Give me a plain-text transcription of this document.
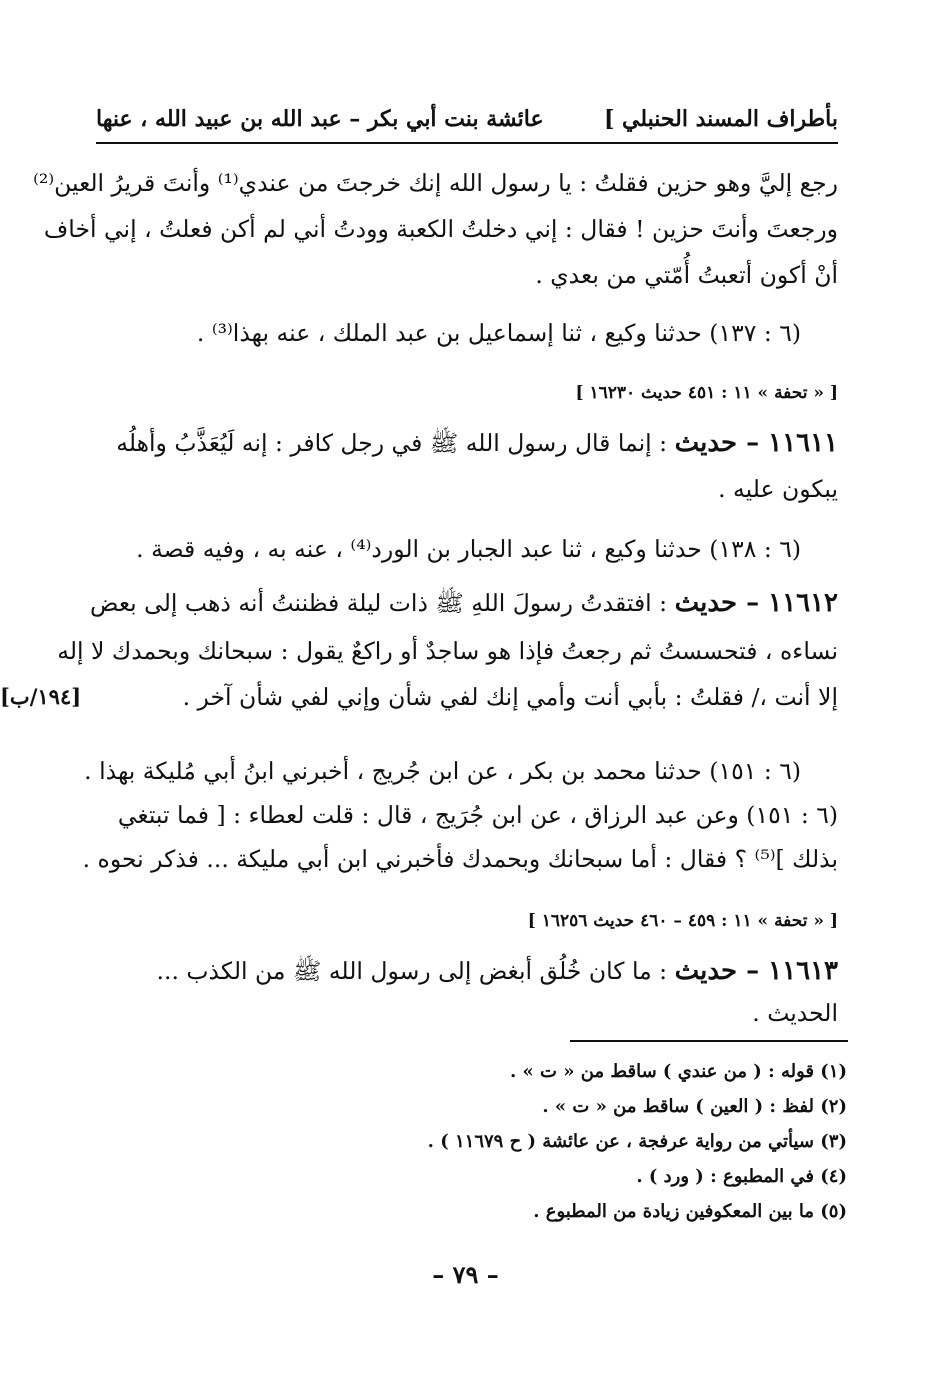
بأطراف المسند الحنبلي ]
عائشة بنت أبي بكر – عبد الله بن عبيد الله ، عنها
رجع إليَّ وهو حزين فقلتُ : يا رسول الله إنك خرجتَ من عندي⁽¹⁾ وأنتَ قريرُ العين⁽²⁾
ورجعتَ وأنتَ حزين ! فقال : إني دخلتُ الكعبة وودتُ أني لم أكن فعلتُ ، إني أخاف
أنْ أكون أتعبتُ أُمّتي من بعدي .
(٦ : ١٣٧) حدثنا وكيع ، ثنا إسماعيل بن عبد الملك ، عنه بهذا⁽³⁾ .
[ « تحفة » ١١ : ٤٥١ حديث ١٦٢٣٠ ]
١١٦١١ – حديث : إنما قال رسول الله ﷺ في رجل كافر : إنه لَيُعَذَّبُ وأهلُه
يبكون عليه .
(٦ : ١٣٨) حدثنا وكيع ، ثنا عبد الجبار بن الورد⁽⁴⁾ ، عنه به ، وفيه قصة .
١١٦١٢ – حديث : افتقدتُ رسولَ اللهِ ﷺ ذات ليلة فظننتُ أنه ذهب إلى بعض
نساءه ، فتحسستُ ثم رجعتُ فإذا هو ساجدٌ أو راكعٌ يقول : سبحانك وبحمدك لا إله
إلا أنت ،/ فقلتُ : بأبي أنت وأمي إنك لفي شأن وإني لفي شأن آخر .
[١٩٤/ب]
(٦ : ١٥١) حدثنا محمد بن بكر ، عن ابن جُريج ، أخبرني ابنُ أبي مُليكة بهذا .
(٦ : ١٥١) وعن عبد الرزاق ، عن ابن جُرَيج ، قال : قلت لعطاء : [ فما تبتغي
بذلك ]⁽⁵⁾ ؟ فقال : أما سبحانك وبحمدك فأخبرني ابن أبي مليكة ... فذكر نحوه .
[ « تحفة » ١١ : ٤٥٩ – ٤٦٠ حديث ١٦٢٥٦ ]
١١٦١٣ – حديث : ما كان خُلُق أبغض إلى رسول الله ﷺ من الكذب ...
الحديث .
(١) قوله : ( من عندي ) ساقط من « ت » .
(٢) لفظ : ( العين ) ساقط من « ت » .
(٣) سيأتي من رواية عرفجة ، عن عائشة ( ح ١١٦٧٩ ) .
(٤) في المطبوع : ( ورد ) .
(٥) ما بين المعكوفين زيادة من المطبوع .
– ٧٩ –
